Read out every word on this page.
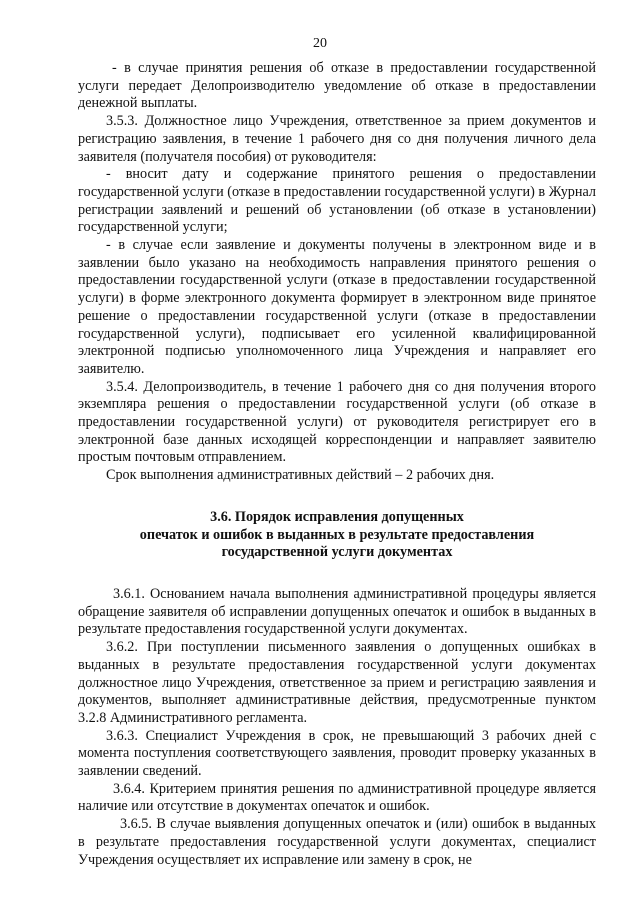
20

- в случае принятия решения об отказе в предоставлении государственной услуги передает Делопроизводителю уведомление об отказе в предоставлении денежной выплаты.

3.5.3. Должностное лицо Учреждения, ответственное за прием документов и регистрацию заявления, в течение 1 рабочего дня со дня получения личного дела заявителя (получателя пособия) от руководителя:

- вносит дату и содержание принятого решения о предоставлении государственной услуги (отказе в предоставлении государственной услуги) в Журнал регистрации заявлений и решений об установлении (об отказе в установлении) государственной услуги;

- в случае если заявление и документы получены в электронном виде и в заявлении было указано на необходимость направления принятого решения о предоставлении государственной услуги (отказе в предоставлении государственной услуги) в форме электронного документа формирует в электронном виде принятое решение о предоставлении государственной услуги (отказе в предоставлении государственной услуги), подписывает его усиленной квалифицированной электронной подписью уполномоченного лица Учреждения и направляет его заявителю.

3.5.4. Делопроизводитель, в течение 1 рабочего дня со дня получения второго экземпляра решения о предоставлении государственной услуги (об отказе в предоставлении государственной услуги) от руководителя регистрирует его в электронной базе данных исходящей корреспонденции и направляет заявителю простым почтовым отправлением.

Срок выполнения административных действий – 2 рабочих дня.

3.6. Порядок исправления допущенных
опечаток и ошибок в выданных в результате предоставления
государственной услуги документах

3.6.1. Основанием начала выполнения административной процедуры является обращение заявителя об исправлении допущенных опечаток и ошибок в выданных в результате предоставления государственной услуги документах.

3.6.2. При поступлении письменного заявления о допущенных ошибках в выданных в результате предоставления государственной услуги документах должностное лицо Учреждения, ответственное за прием и регистрацию заявления и документов, выполняет административные действия, предусмотренные пунктом 3.2.8 Административного регламента.

3.6.3. Специалист Учреждения в срок, не превышающий 3 рабочих дней с момента поступления соответствующего заявления, проводит проверку указанных в заявлении сведений.

3.6.4. Критерием принятия решения по административной процедуре является наличие или отсутствие в документах опечаток и ошибок.

3.6.5. В случае выявления допущенных опечаток и (или) ошибок в выданных в результате предоставления государственной услуги документах, специалист Учреждения осуществляет их исправление или замену в срок, не
